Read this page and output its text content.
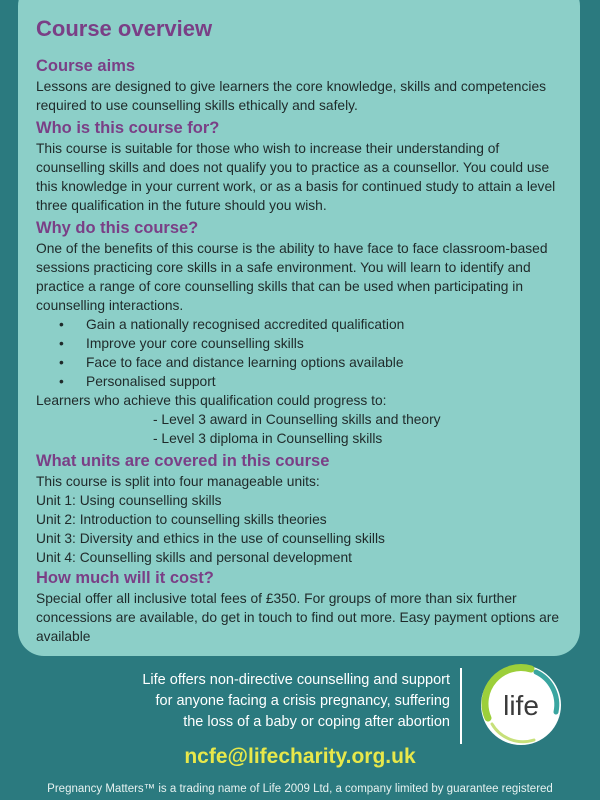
Course overview
Course aims

Lessons are designed to give learners the core knowledge, skills and competencies required to use counselling skills ethically and safely.

Who is this course for?

This course is suitable for those who wish to increase their understanding of counselling skills and does not qualify you to practice as a counsellor. You could use this knowledge in your current work, or as a basis for continued study to attain a level three qualification in the future should you wish.

Why do this course?

One of the benefits of this course is the ability to have face to face classroom-based sessions practicing core skills in a safe environment. You will learn to identify and practice a range of core counselling skills that can be used when participating in counselling interactions.

• Gain a nationally recognised accredited qualification
• Improve your core counselling skills
• Face to face and distance learning options available
• Personalised support

Learners who achieve this qualification could progress to:

- Level 3 award in Counselling skills and theory

- Level 3 diploma in Counselling skills

What units are covered in this course

This course is split into four manageable units:

Unit 1: Using counselling skills

Unit 2: Introduction to counselling skills theories

Unit 3: Diversity and ethics in the use of counselling skills

Unit 4: Counselling skills and personal development

How much will it cost?

Special offer all inclusive total fees of £350. For groups of more than six further concessions are available, do get in touch to find out more. Easy payment options are available

Life offers non-directive counselling and support
for anyone facing a crisis pregnancy, suffering
the loss of a baby or coping after abortion
life
ncfe@lifecharity.org.uk
Pregnancy Matters™ is a trading name of Life 2009 Ltd, a company limited by guarantee registered
